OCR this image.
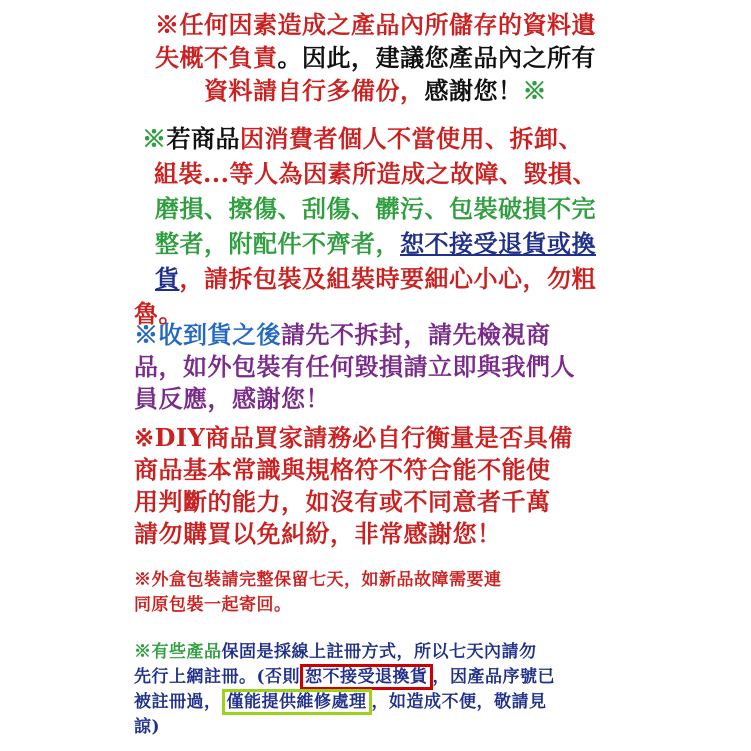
※任何因素造成之產品內所儲存的資料遺
失概不負責。因此，建議您產品內之所有
資料請自行多備份，感謝您！※
※若商品因消費者個人不當使用、拆卸、
組裝...等人為因素所造成之故障、毀損、
磨損、擦傷、刮傷、髒污、包裝破損不完
整者，附配件不齊者，恕不接受退貨或換
貨，請拆包裝及組裝時要細心小心，勿粗
魯。
※收到貨之後請先不拆封，請先檢視商
品，如外包裝有任何毀損請立即與我們人
員反應，感謝您！
※DIY商品買家請務必自行衡量是否具備
商品基本常識與規格符不符合能不能使
用判斷的能力，如沒有或不同意者千萬
請勿購買以免糾紛，非常感謝您！
※外盒包裝請完整保留七天，如新品故障需要連
同原包裝一起寄回。
※有些產品保固是採線上註冊方式，所以七天內請勿
先行上網註冊。(否則 恕不接受退換貨 ，因產品序號已
被註冊過， 僅能提供維修處理 ，如造成不便，敬請見
諒)
